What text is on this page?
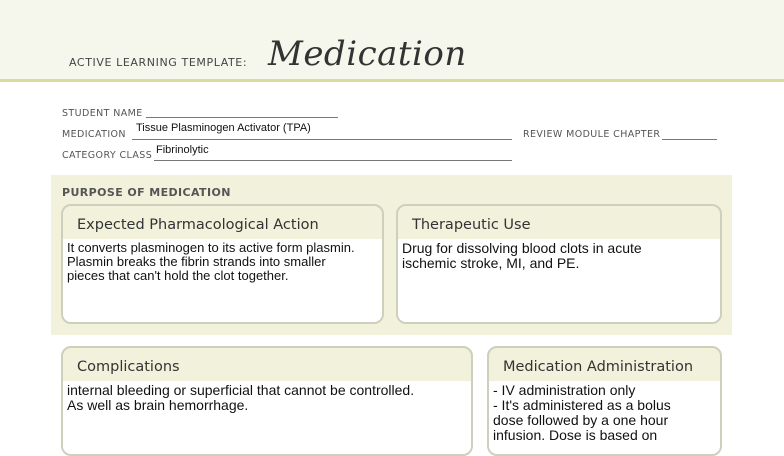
ACTIVE LEARNING TEMPLATE: Medication
STUDENT NAME
MEDICATION
Tissue Plasminogen Activator (TPA)
REVIEW MODULE CHAPTER
CATEGORY CLASS Fibrinolytic
PURPOSE OF MEDICATION
Expected Pharmacological Action
It converts plasminogen to its active form plasmin.
Plasmin breaks the fibrin strands into smaller
pieces that can't hold the clot together.
Therapeutic Use
Drug for dissolving blood clots in acute
ischemic stroke, MI, and PE.
Complications
internal bleeding or superficial that cannot be controlled.
As well as brain hemorrhage.
Medication Administration
- IV administration only
- It's administered as a bolus
dose followed by a one hour
infusion. Dose is based on
